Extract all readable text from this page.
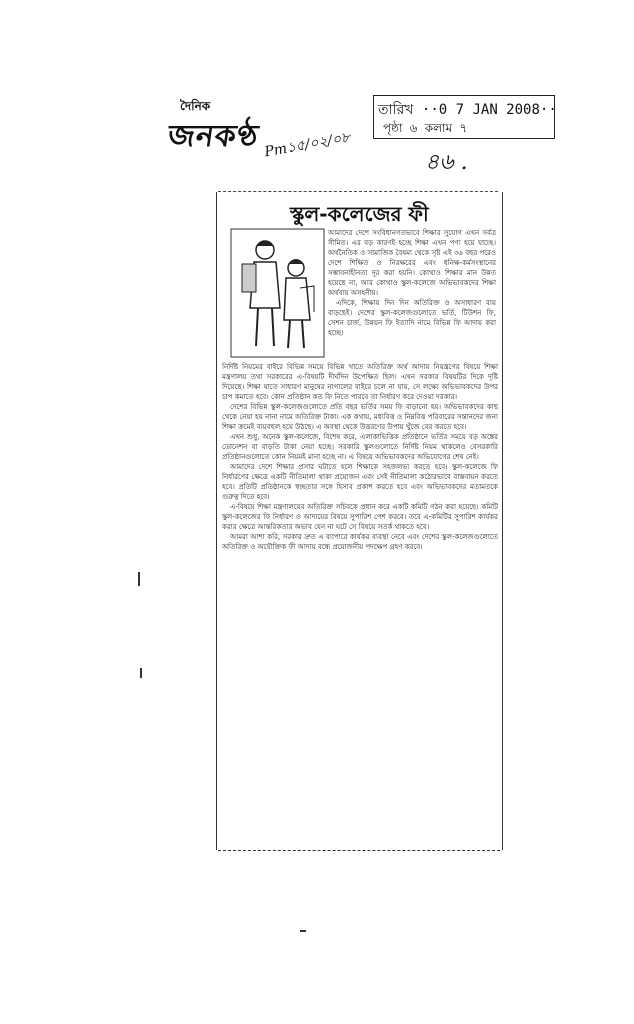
দৈনিক
জনকণ্ঠ
তারিখ ··0 7 JAN 2008··
পৃষ্ঠা ৬ কলাম ৭
Pm১৫/০২/০৮
৪৬ .
স্কুল-কলেজের ফী

আমাদের দেশে সংবিধানগতভাবে শিক্ষার সুযোগ এখন সর্বত্র সীমিত। এর বড় কারণই হচ্ছে শিক্ষা এখন পণ্য হয়ে যাচ্ছে। অর্থনৈতিক ও সামাজিক বৈষম্য থেকে সৃষ্ট এই ৩৬ বছর পরেও দেশে শিক্ষিত ও নিরক্ষরের এবং ধনিক্ষ-কর্মসংস্থানের সম্ভাবনাহীনতা দূর করা হয়নি। কোথাও শিক্ষার মান উন্নত হয়েছে না, আর কোথাও স্কুল-কলেজে অভিভাবকদের শিক্ষা অর্থব্যয় অসহনীয়।

এদিকে, শিক্ষায় দিন দিন অতিরিক্ত ও অসাধারণ ব্যয় বাড়ছেই। দেশের স্কুল-কলেজগুলোতে ভর্তি, টিউশন ফি, সেশন চার্জ, উন্নয়ন ফি ইত্যাদি নামে বিভিন্ন ফি আদায় করা হচ্ছে।

নির্দিষ্ট নিয়মের বাইরে বিভিন্ন সময়ে বিভিন্ন খাতে অতিরিক্ত অর্থ আদায় নিয়ন্ত্রণের বিষয়ে শিক্ষা মন্ত্রণালয় তথা সরকারের এ-বিষয়টি দীর্ঘদিন উপেক্ষিত ছিল। এখন সরকার বিষয়টির দিকে দৃষ্টি দিয়েছে। শিক্ষা যাতে সাধারণ মানুষের নাগালের বাইরে চলে না যায়, সে লক্ষ্যে অভিভাবকদের উপর চাপ কমাতে হবে। কোন প্রতিষ্ঠান কত ফি নিতে পারবে তা নির্ধারণ করে দেওয়া দরকার।

দেশের বিভিন্ন স্কুল-কলেজগুলোতে প্রতি বছর ভর্তির সময় ফি বাড়ানো হয়। অভিভাবকদের কাছ থেকে নেয়া হয় নানা নামে অতিরিক্ত টাকা। এক কথায়, মধ্যবিত্ত ও নিম্নবিত্ত পরিবারের সন্তানদের জন্য শিক্ষা ক্রমেই ব্যয়বহুল হয়ে উঠছে। এ অবস্থা থেকে উত্তরণের উপায় খুঁজে বের করতে হবে।

এখন শুধু, অনেক স্কুল-কলেজে, বিশেষ করে, এলাকাভিত্তিক প্রতিষ্ঠানে ভর্তির সময়ে বড় অঙ্কের ডোনেশন বা বাড়তি টাকা নেয়া হচ্ছে। সরকারি স্কুলগুলোতে নির্দিষ্ট নিয়ম থাকলেও বেসরকারি প্রতিষ্ঠানগুলোতে কোন নিয়মই মানা হচ্ছে না। এ বিষয়ে অভিভাবকদের অভিযোগের শেষ নেই।

আমাদের দেশে শিক্ষার প্রসার ঘটাতে হলে শিক্ষাকে সহজলভ্য করতে হবে। স্কুল-কলেজে ফি নির্ধারণের ক্ষেত্রে একটি নীতিমালা থাকা প্রয়োজন এবং সেই নীতিমালা কঠোরভাবে বাস্তবায়ন করতে হবে। প্রতিটি প্রতিষ্ঠানকে স্বচ্ছতার সঙ্গে হিসাব প্রকাশ করতে হবে এবং অভিভাবকদের মতামতকে গুরুত্ব দিতে হবে।

এ-বিষয়ে শিক্ষা মন্ত্রণালয়ের অতিরিক্ত সচিবকে প্রধান করে একটি কমিটি গঠন করা হয়েছে। কমিটি স্কুল-কলেজের ফি নির্ধারণ ও আদায়ের বিষয়ে সুপারিশ পেশ করবে। তবে এ-কমিটির সুপারিশ কার্যকর করার ক্ষেত্রে আন্তরিকতার অভাব যেন না ঘটে সে বিষয়ে সতর্ক থাকতে হবে।

আমরা আশা করি, সরকার দ্রুত এ ব্যাপারে কার্যকর ব্যবস্থা নেবে এবং দেশের স্কুল-কলেজগুলোতে অতিরিক্ত ও অযৌক্তিক ফী আদায় বন্ধে প্রয়োজনীয় পদক্ষেপ গ্রহণ করবে।
